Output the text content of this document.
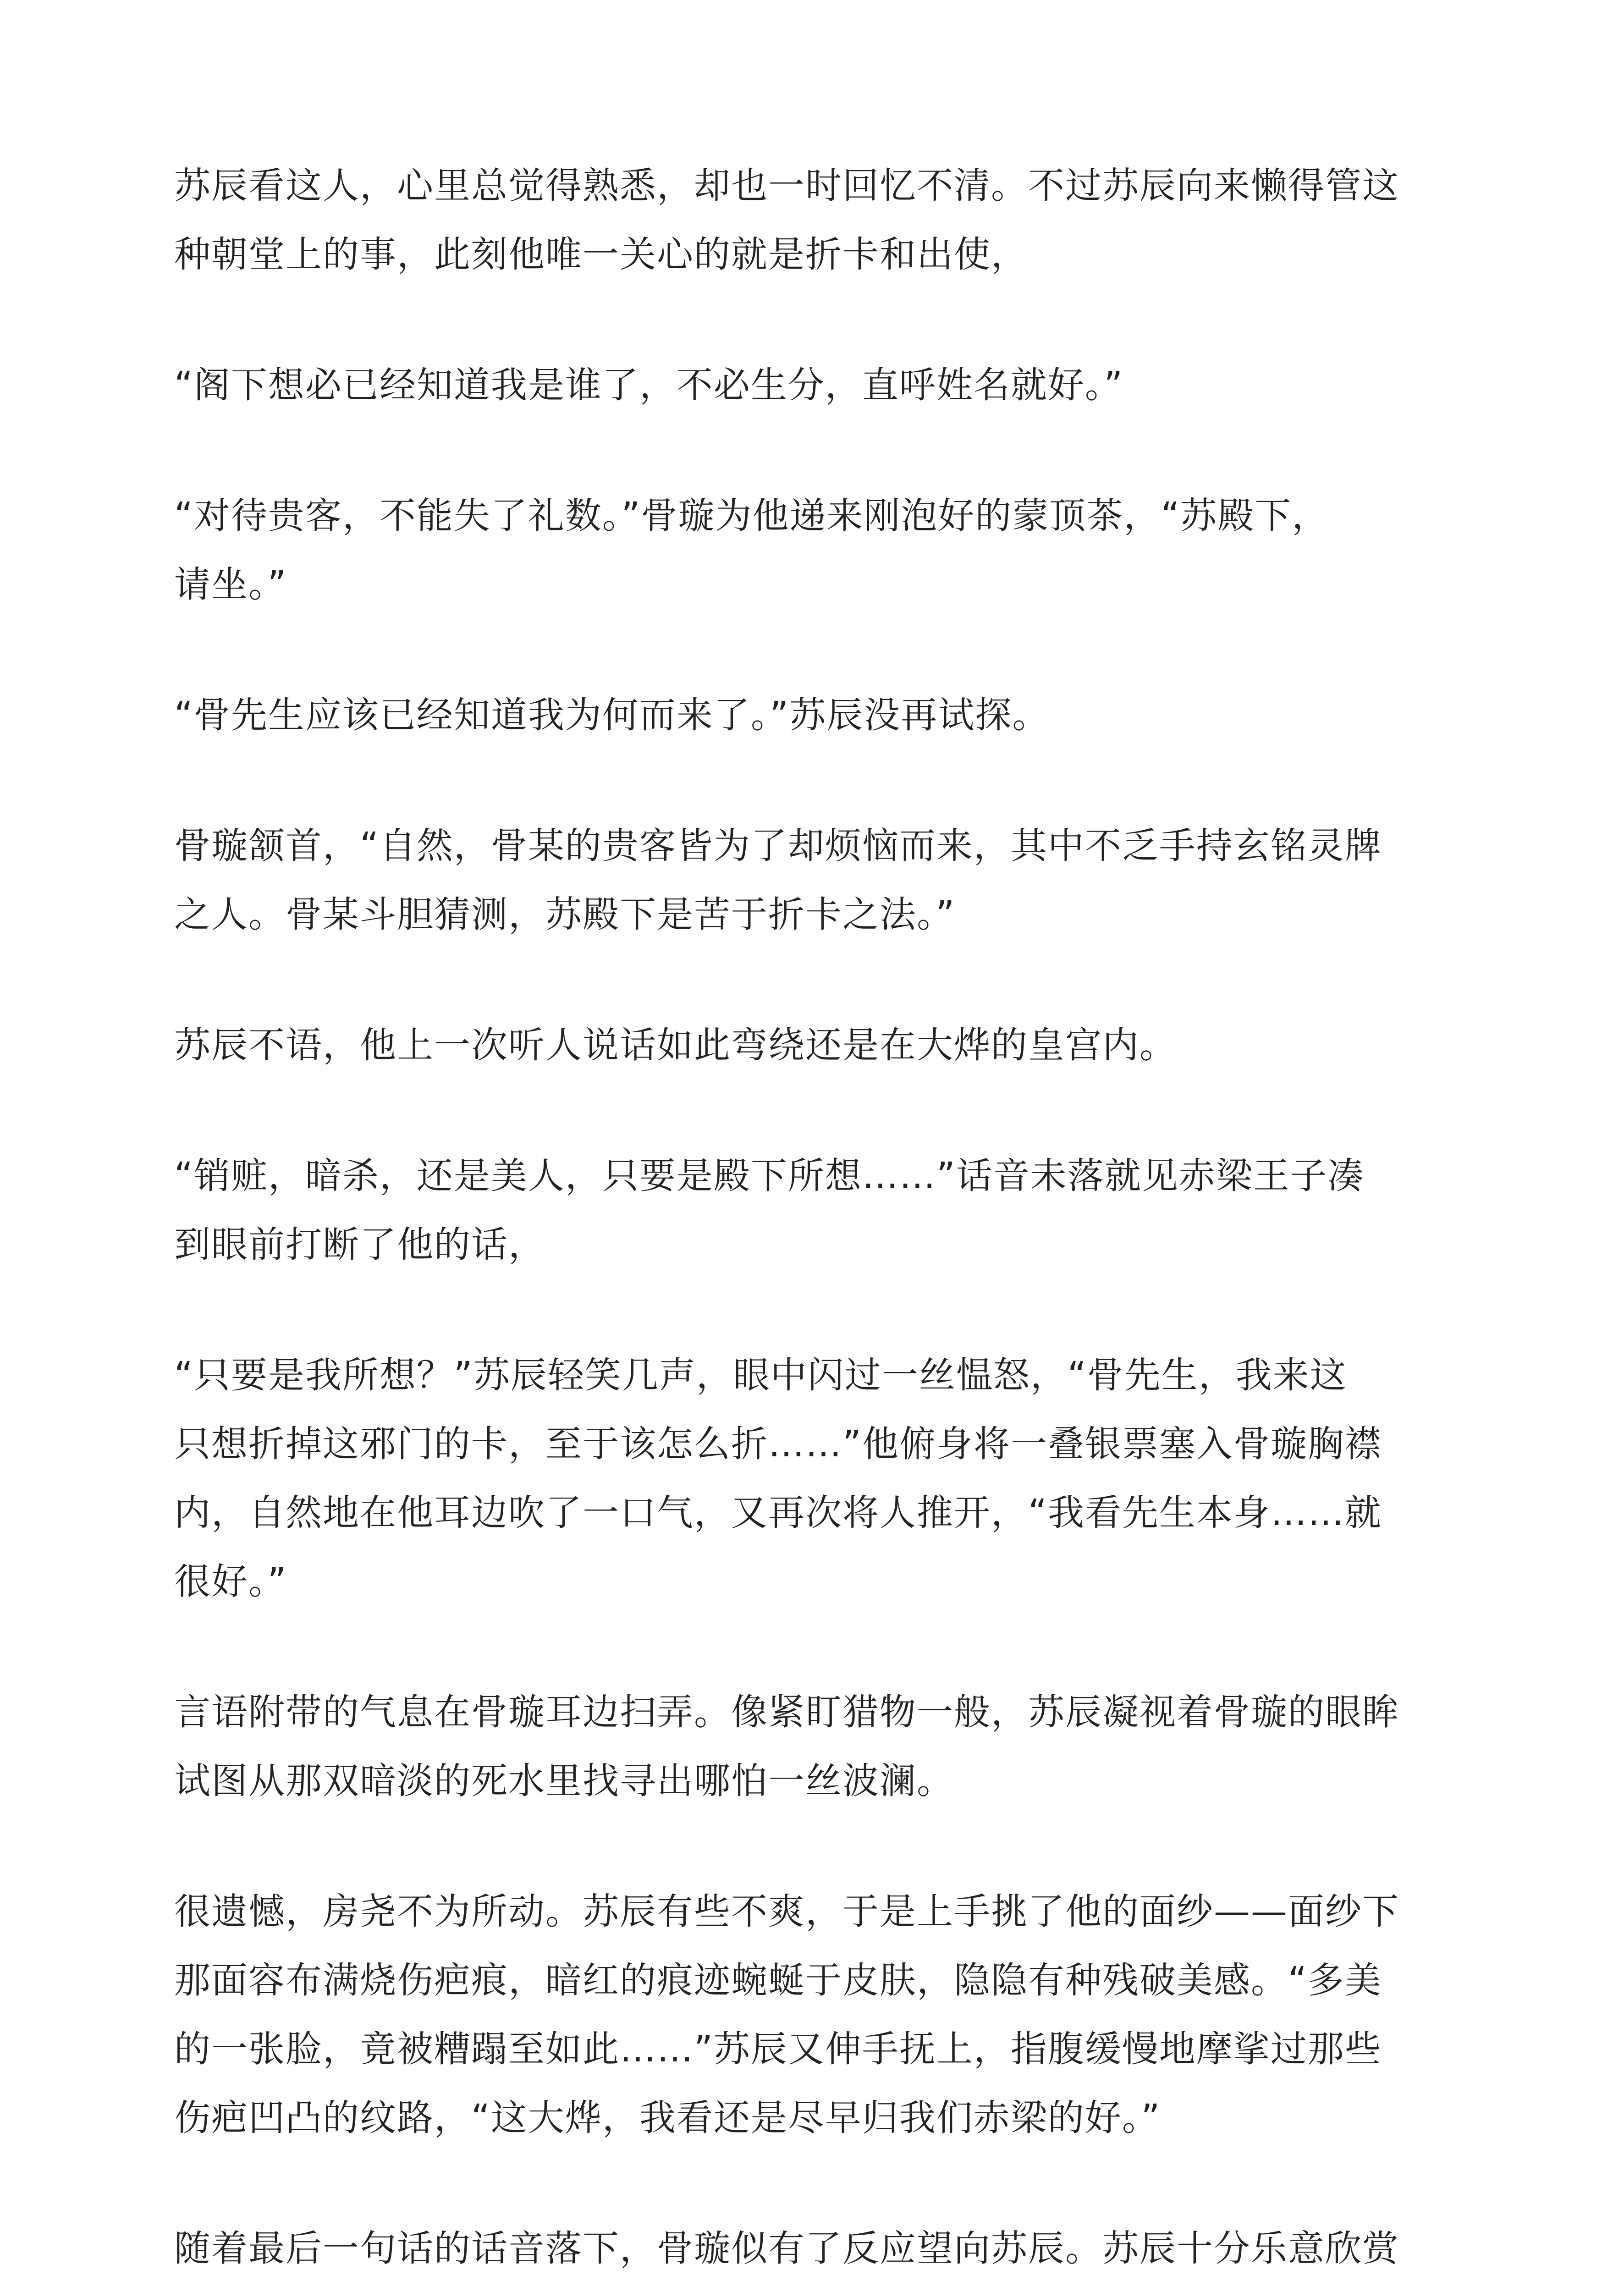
苏辰看这人，心里总觉得熟悉，却也一时回忆不清。不过苏辰向来懒得管这
种朝堂上的事，此刻他唯一关心的就是折卡和出使，

“阁下想必已经知道我是谁了，不必生分，直呼姓名就好。”

“对待贵客，不能失了礼数。”骨璇为他递来刚泡好的蒙顶茶，“苏殿下，
请坐。”

“骨先生应该已经知道我为何而来了。”苏辰没再试探。

骨璇颔首，“自然，骨某的贵客皆为了却烦恼而来，其中不乏手持玄铭灵牌
之人。骨某斗胆猜测，苏殿下是苦于折卡之法。”

苏辰不语，他上一次听人说话如此弯绕还是在大烨的皇宫内。

“销赃，暗杀，还是美人，只要是殿下所想……”话音未落就见赤梁王子凑
到眼前打断了他的话，

“只要是我所想？”苏辰轻笑几声，眼中闪过一丝愠怒，“骨先生，我来这
只想折掉这邪门的卡，至于该怎么折……”他俯身将一叠银票塞入骨璇胸襟
内，自然地在他耳边吹了一口气，又再次将人推开，“我看先生本身……就
很好。”

言语附带的气息在骨璇耳边扫弄。像紧盯猎物一般，苏辰凝视着骨璇的眼眸
试图从那双暗淡的死水里找寻出哪怕一丝波澜。

很遗憾，房尧不为所动。苏辰有些不爽，于是上手挑了他的面纱——面纱下
那面容布满烧伤疤痕，暗红的痕迹蜿蜒于皮肤，隐隐有种残破美感。“多美
的一张脸，竟被糟蹋至如此……”苏辰又伸手抚上，指腹缓慢地摩挲过那些
伤疤凹凸的纹路，“这大烨，我看还是尽早归我们赤梁的好。”

随着最后一句话的话音落下，骨璇似有了反应望向苏辰。苏辰十分乐意欣赏
